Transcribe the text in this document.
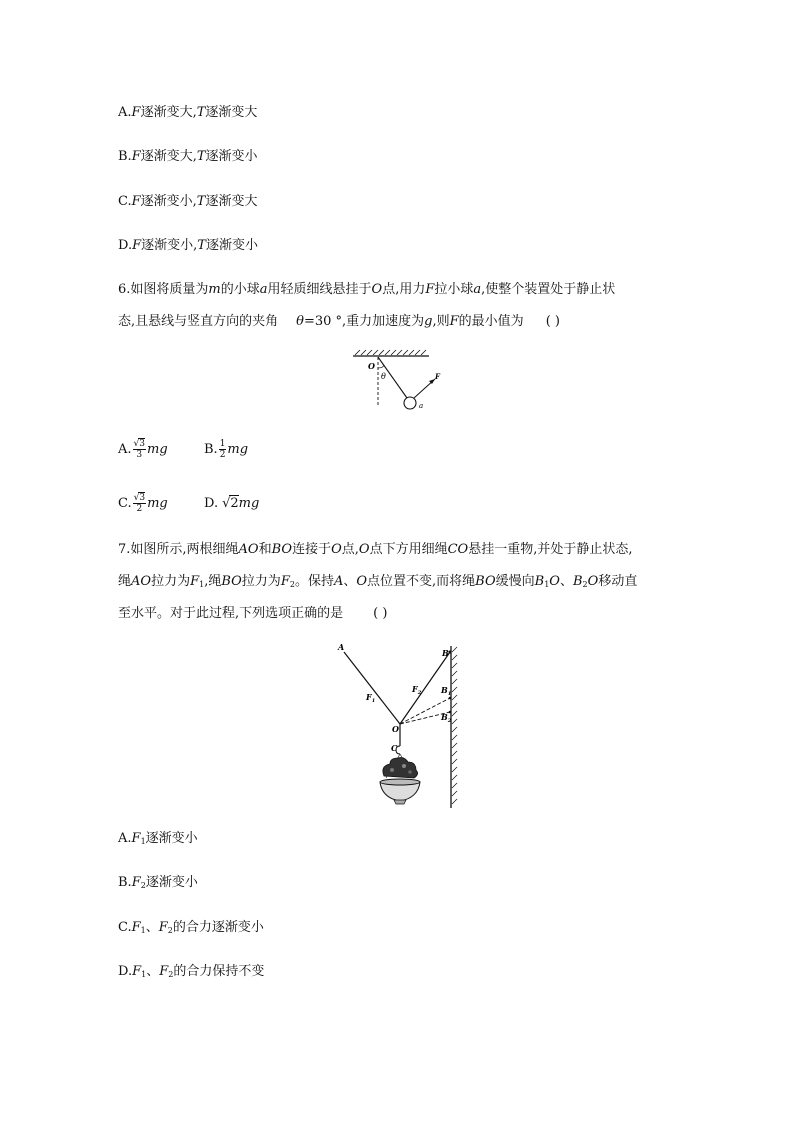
A.F逐渐变大,T逐渐变大
B.F逐渐变大,T逐渐变小
C.F逐渐变小,T逐渐变大
D.F逐渐变小,T逐渐变小
6.如图将质量为m的小球a用轻质细线悬挂于O点,用力F拉小球a,使整个装置处于静止状
态,且悬线与竖直方向的夹角 θ=30 °,重力加速度为g,则F的最小值为 ( )
O
θ	F
a
A. $\frac{√3}{3}$ mg	B. $\frac{1}{2}$ mg
C. $\frac{√3}{2}$ mg	D. √2 mg
7.如图所示,两根细绳AO和BO连接于O点,O点下方用细绳CO悬挂一重物,并处于静止状态,
绳AO拉力为$F_1$,绳BO拉力为$F_2$。保持A、O点位置不变,而将绳BO缓慢向$B_1O$、$B_2O$移动直
至水平。对于此过程,下列选项正确的是 ( )
A
B
$B_1$
$B_2$
$F_1$
$F_2$
O
C
$A.F_1$逐渐变小
$B.F_2$逐渐变小
$C.F_1$、$F_2$的合力逐渐变小
$D.F_1$、$F_2$的合力保持不变
